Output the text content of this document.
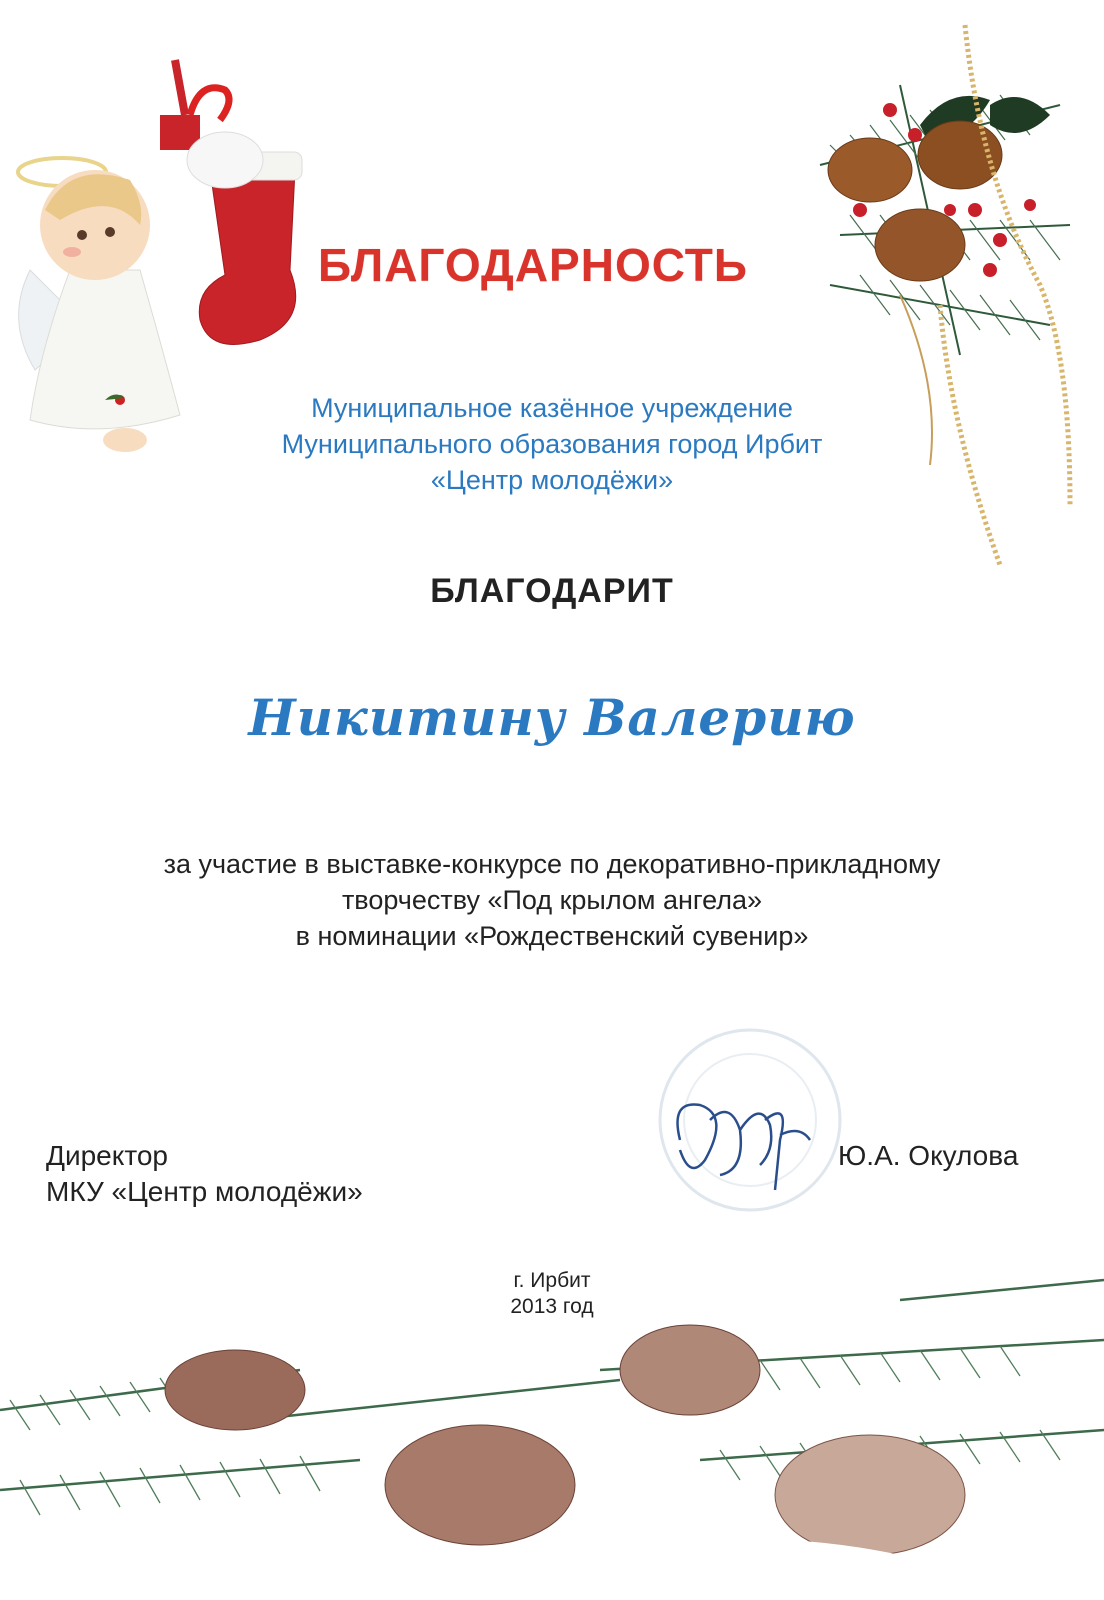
БЛАГОДАРНОСТЬ
Муниципальное казённое учреждение
Муниципального образования город Ирбит
«Центр молодёжи»
БЛАГОДАРИТ
Никитину Валерию
за участие в выставке-конкурсе по декоративно-прикладному
творчеству «Под крылом ангела»
в номинации «Рождественский сувенир»
Директор
МКУ «Центр молодёжи»
Ю.А. Окулова
г. Ирбит
2013 год
